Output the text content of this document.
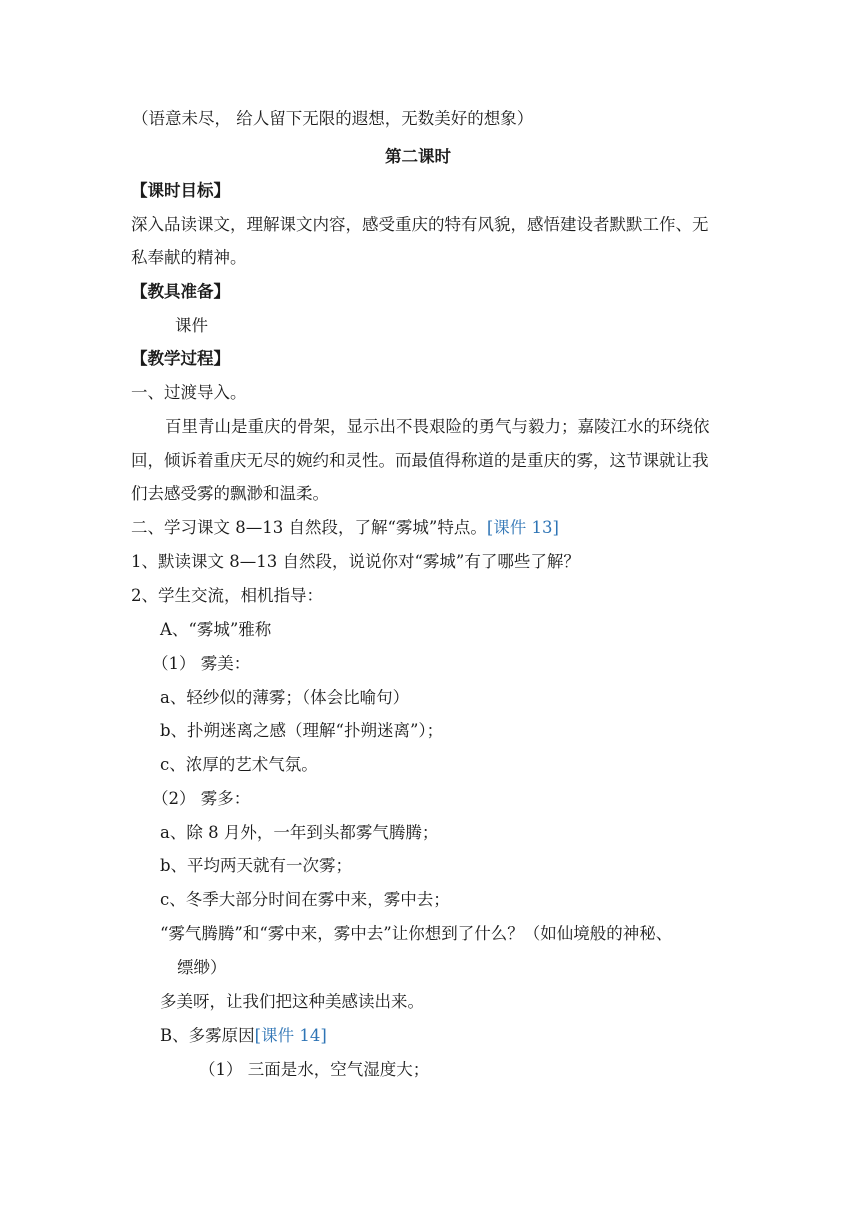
（语意未尽， 给人留下无限的遐想，无数美好的想象）
第二课时
【课时目标】
深入品读课文，理解课文内容，感受重庆的特有风貌，感悟建设者默默工作、无
私奉献的精神。
【教具准备】
课件
【教学过程】
一、过渡导入。
百里青山是重庆的骨架，显示出不畏艰险的勇气与毅力；嘉陵江水的环绕依
回，倾诉着重庆无尽的婉约和灵性。而最值得称道的是重庆的雾，这节课就让我
们去感受雾的飘渺和温柔。
二、学习课文 8—13 自然段，了解“雾城”特点。[课件 13]
1、默读课文 8—13 自然段，说说你对“雾城”有了哪些了解？
2、学生交流，相机指导：
A、“雾城”雅称
（1） 雾美：
a、轻纱似的薄雾；（体会比喻句）
b、扑朔迷离之感（理解“扑朔迷离”）；
c、浓厚的艺术气氛。
（2） 雾多：
a、除 8 月外，一年到头都雾气腾腾；
b、平均两天就有一次雾；
c、冬季大部分时间在雾中来，雾中去；
“雾气腾腾”和“雾中来，雾中去”让你想到了什么？（如仙境般的神秘、
缥缈）
多美呀，让我们把这种美感读出来。
B、多雾原因[课件 14]
（1） 三面是水，空气湿度大；
